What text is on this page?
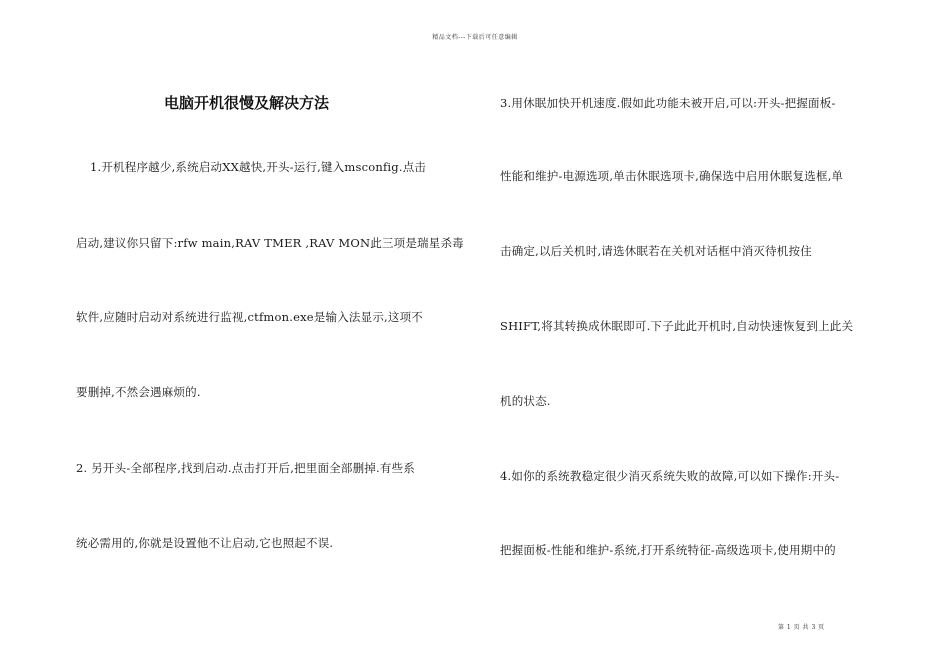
精品文档---下载后可任意编辑
电脑开机很慢及解决方法
1.开机程序越少,系统启动XX越快,开头-运行,键入msconfig.点击
启动,建议你只留下:rfw main,RAV TMER ,RAV MON此三项是瑞星杀毒
软件,应随时启动对系统进行监视,ctfmon.exe是输入法显示,这项不
要删掉,不然会遇麻烦的.
2. 另开头-全部程序,找到启动.点击打开后,把里面全部删掉.有些系
统必需用的,你就是设置他不让启动,它也照起不误.
3.用休眠加快开机速度.假如此功能未被开启,可以:开头-把握面板-
性能和维护-电源选项,单击休眠选项卡,确保选中启用休眠复选框,单
击确定,以后关机时,请选休眠若在关机对话框中消灭待机按住
SHIFT,将其转换成休眠即可.下子此此开机时,自动快速恢复到上此关
机的状态.
4.如你的系统教稳定很少消灭系统失败的故障,可以如下操作:开头-
把握面板-性能和维护-系统,打开系统特征-高级选项卡,使用期中的
第 1 页 共 3 页
